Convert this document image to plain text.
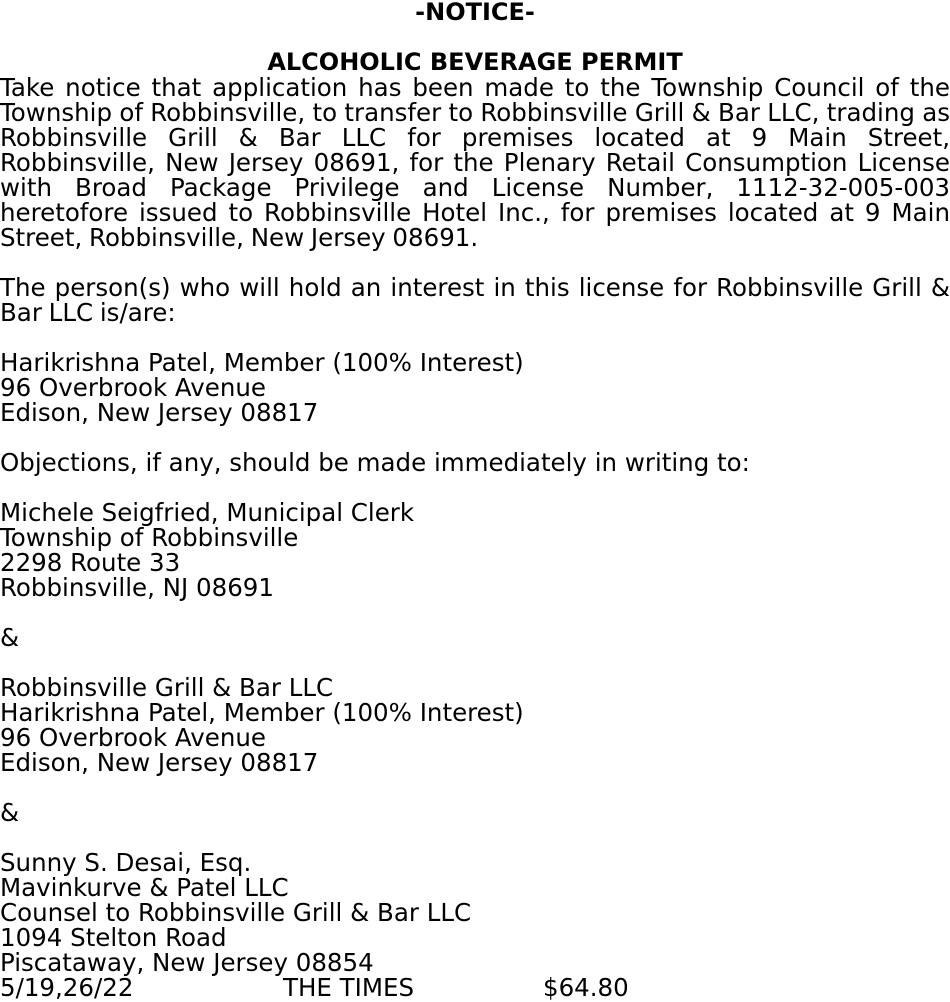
-NOTICE-

ALCOHOLIC BEVERAGE PERMIT

Take notice that application has been made to the Township Council of the Township of Robbinsville, to transfer to Robbinsville Grill & Bar LLC, trading as Robbinsville Grill & Bar LLC for premises located at 9 Main Street, Robbinsville, New Jersey 08691, for the Plenary Retail Consumption License with Broad Package Privilege and License Number, 1112-32-005-003 heretofore issued to Robbinsville Hotel Inc., for premises located at 9 Main Street, Robbinsville, New Jersey 08691.

The person(s) who will hold an interest in this license for Robbinsville Grill & Bar LLC is/are:

Harikrishna Patel, Member (100% Interest)
96 Overbrook Avenue
Edison, New Jersey 08817
Objections, if any, should be made immediately in writing to:
Michele Seigfried, Municipal Clerk
Township of Robbinsville
2298 Route 33
Robbinsville, NJ 08691
&
Robbinsville Grill & Bar LLC
Harikrishna Patel, Member (100% Interest)
96 Overbrook Avenue
Edison, New Jersey 08817
&
Sunny S. Desai, Esq.
Mavinkurve & Patel LLC
Counsel to Robbinsville Grill & Bar LLC
1094 Stelton Road
Piscataway, New Jersey 08854
5/19,26/22	THE TIMES	$64.80
